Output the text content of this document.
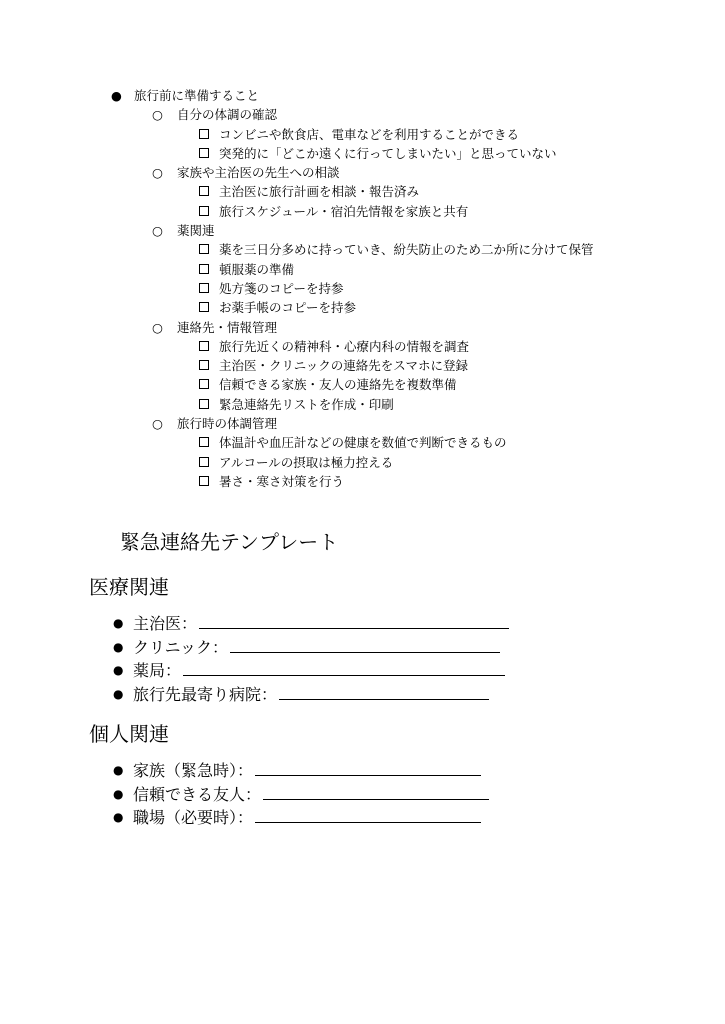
● 旅行前に準備すること
○ 自分の体調の確認
コンビニや飲食店、電車などを利用することができる
突発的に「どこか遠くに行ってしまいたい」と思っていない
○ 家族や主治医の先生への相談
主治医に旅行計画を相談・報告済み
旅行スケジュール・宿泊先情報を家族と共有
○ 薬関連
薬を三日分多めに持っていき、紛失防止のため二か所に分けて保管
頓服薬の準備
処方箋のコピーを持参
お薬手帳のコピーを持参
○ 連絡先・情報管理
旅行先近くの精神科・心療内科の情報を調査
主治医・クリニックの連絡先をスマホに登録
信頼できる家族・友人の連絡先を複数準備
緊急連絡先リストを作成・印刷
○ 旅行時の体調管理
体温計や血圧計などの健康を数値で判断できるもの
アルコールの摂取は極力控える
暑さ・寒さ対策を行う
緊急連絡先テンプレート
医療関連
● 主治医：
● クリニック：
● 薬局：
● 旅行先最寄り病院：
個人関連
● 家族（緊急時）：
● 信頼できる友人：
● 職場（必要時）：
